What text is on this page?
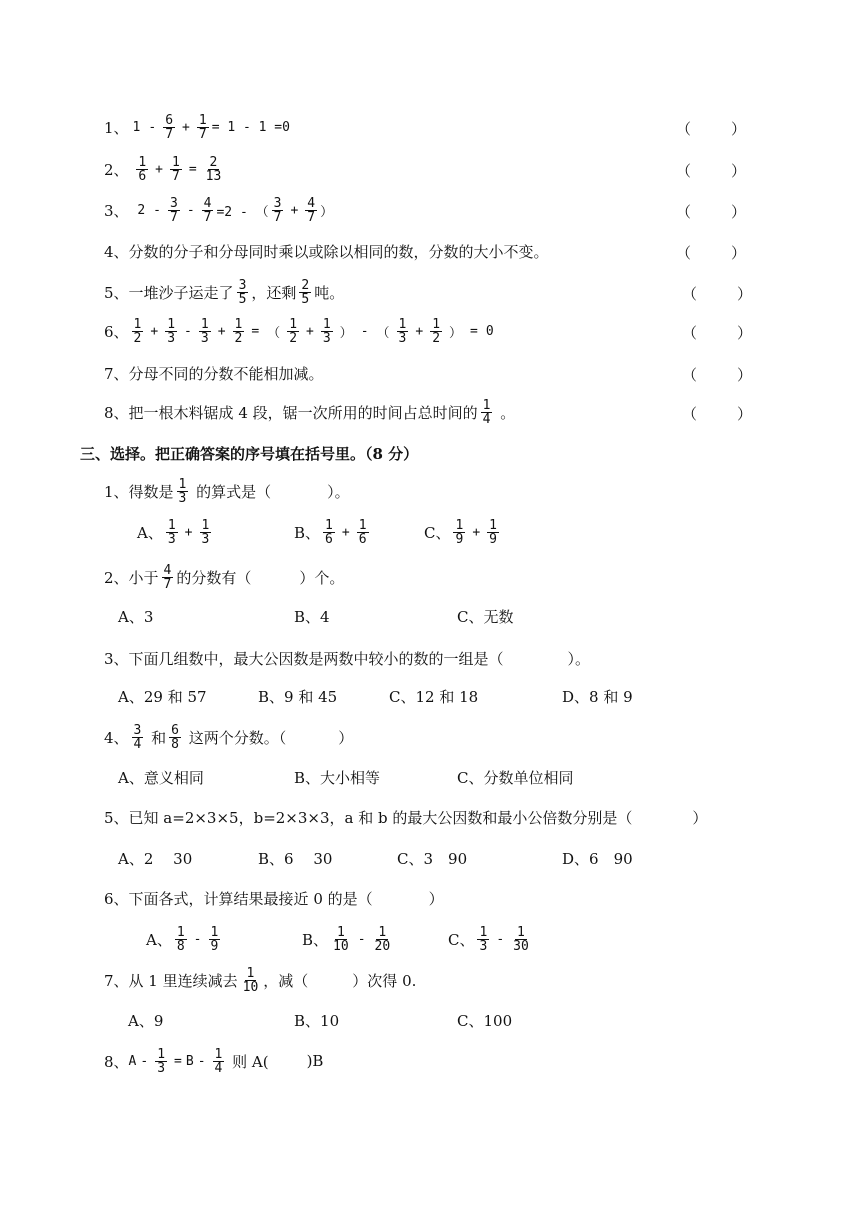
1、 $1 - \frac{6}{7} + \frac{1}{7} = 1 - 1 =0$	（	）
2、
$\frac{1}{6} + \frac{1}{7} = \frac{2}{13}$	（	）
3、
$2 - \frac{3}{7} - \frac{4}{7} =2$ - （ $\frac{3}{7} + \frac{4}{7}$ ）	（	）
4、 分数的分子和分母同时乘以或除以相同的数，分数的大小不变。	（	）
5、 一堆沙子运走了 $\frac{3}{5}$ ，还剩 $\frac{2}{5}$ 吨。	（	）
6、 $\frac{1}{2} + \frac{1}{3} - \frac{1}{3} + \frac{1}{2}$ = （ $\frac{1}{2} + \frac{1}{3}$ ） - （ $\frac{1}{3} + \frac{1}{2}$ ） = 0	（	）
7、 分母不同的分数不能相加减。	（	）
8、 把一根木料锯成 4 段，锯一次所用的时间占总时间的 $\frac{1}{4}$ 。	（	）
三、选择。把正确答案的序号填在括号里。（8 分）
1、得数是 $\frac{1}{3}$ 的算式是（	）。
A、 $\frac{1}{3} + \frac{1}{3}$	B、 $\frac{1}{6} + \frac{1}{6}$	C、 $\frac{1}{9} + \frac{1}{9}$
2、小于 $\frac{4}{7}$ 的分数有（	）个。
A、3	B、4	C、无数
3、下面几组数中，最大公因数是两数中较小的数的一组是（	）。
A、29 和 57	B、9 和 45	C、12 和 18	D、8 和 9
4、 $\frac{3}{4}$ 和 $\frac{6}{8}$ 这两个分数。（	）
A、意义相同	B、大小相等	C、分数单位相同
5、已知 a=2×3×5，b=2×3×3，a 和 b 的最大公因数和最小公倍数分别是（	）
A、2　 30	B、6　 30	C、3　90	D、6　90
6、下面各式，计算结果最接近 0 的是（	）
A、 $\frac{1}{8} - \frac{1}{9}$	B、 $\frac{1}{10} - \frac{1}{20}$	C、 $\frac{1}{3} - \frac{1}{30}$
7、从 1 里连续减去 $\frac{1}{10}$ ，减（	）次得 0.
A、9	B、10	C、100
8、 $A - \frac{1}{3} = B - \frac{1}{4}$ 则 A(	)B
